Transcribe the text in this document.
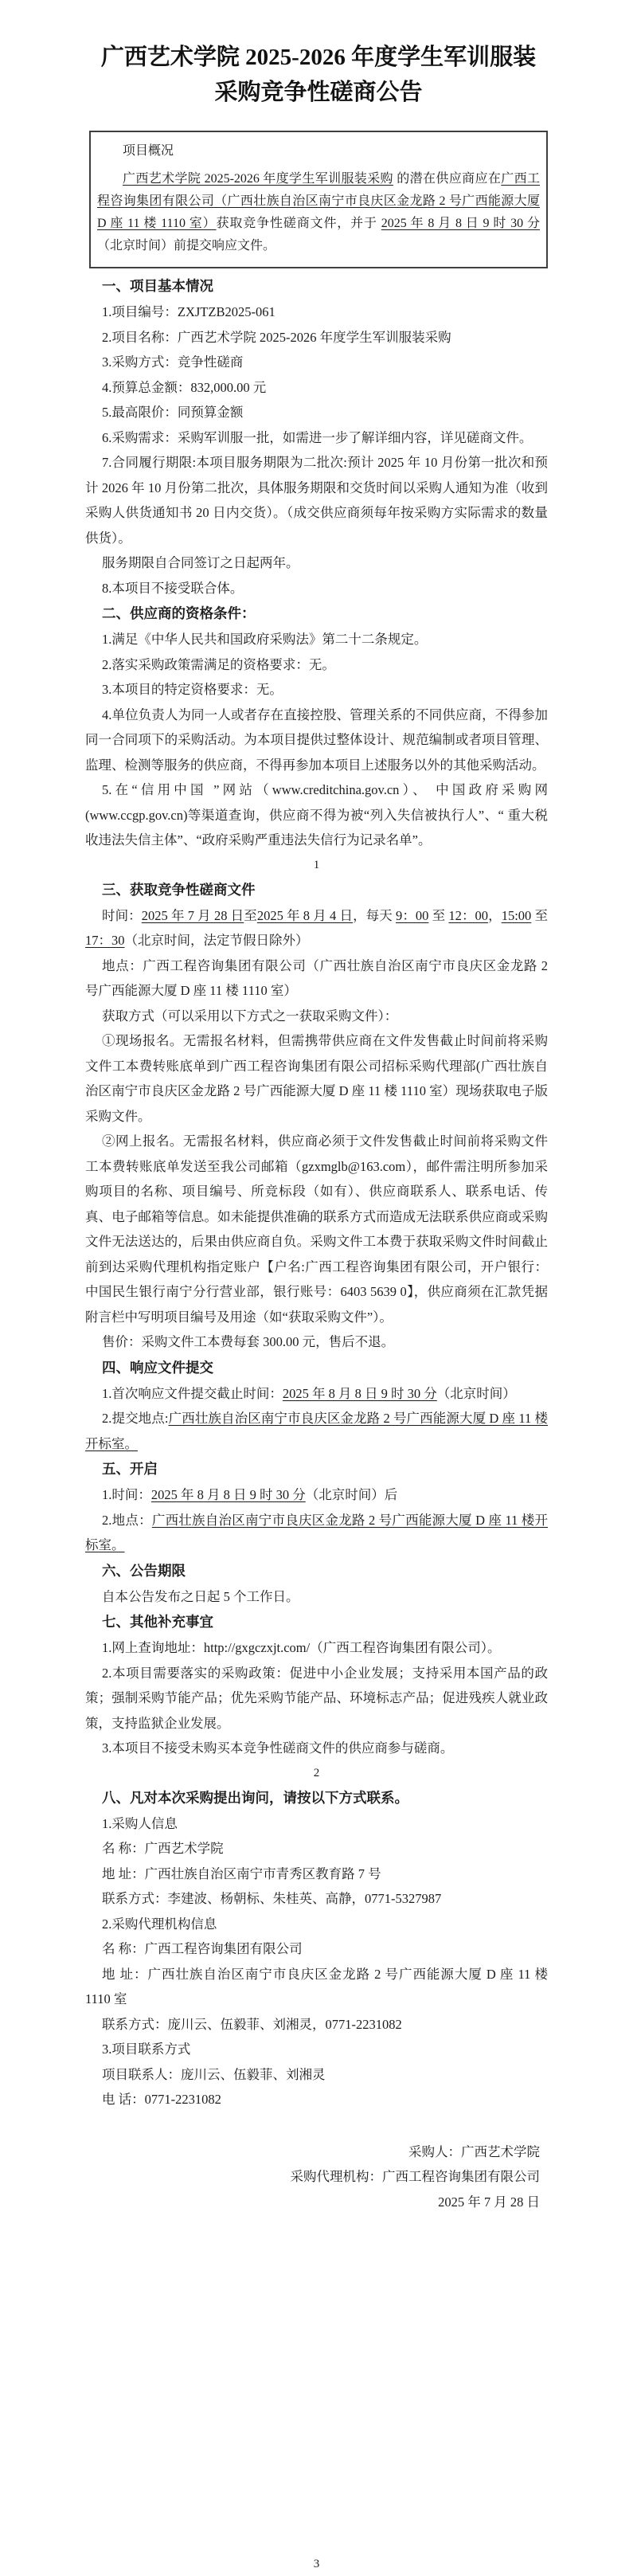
广西艺术学院 2025-2026 年度学生军训服装
采购竞争性磋商公告

项目概况

广西艺术学院 2025-2026 年度学生军训服装采购 的潜在供应商应在广西工程咨询集团有限公司（广西壮族自治区南宁市良庆区金龙路 2 号广西能源大厦 D 座 11 楼 1110 室）获取竞争性磋商文件，并于 2025 年 8 月 8 日 9 时 30 分（北京时间）前提交响应文件。

一、项目基本情况

1.项目编号：ZXJTZB2025-061

2.项目名称：广西艺术学院 2025-2026 年度学生军训服装采购

3.采购方式：竞争性磋商

4.预算总金额：832,000.00 元

5.最高限价：同预算金额

6.采购需求：采购军训服一批，如需进一步了解详细内容，详见磋商文件。

7.合同履行期限:本项目服务期限为二批次:预计 2025 年 10 月份第一批次和预计 2026 年 10 月份第二批次，具体服务期限和交货时间以采购人通知为准（收到采购人供货通知书 20 日内交货）。（成交供应商须每年按采购方实际需求的数量供货）。

服务期限自合同签订之日起两年。

8.本项目不接受联合体。

二、供应商的资格条件：

1.满足《中华人民共和国政府采购法》第二十二条规定。

2.落实采购政策需满足的资格要求：无。

3.本项目的特定资格要求：无。

4.单位负责人为同一人或者存在直接控股、管理关系的不同供应商，不得参加同一合同项下的采购活动。为本项目提供过整体设计、规范编制或者项目管理、监理、检测等服务的供应商，不得再参加本项目上述服务以外的其他采购活动。

5.在“信用中国 ”网站（www.creditchina.gov.cn）、 中国政府采购网(www.ccgp.gov.cn)等渠道查询，供应商不得为被“列入失信被执行人”、“ 重大税收违法失信主体”、“政府采购严重违法失信行为记录名单”。

1

三、获取竞争性磋商文件

时间：2025 年 7 月 28 日至2025 年 8 月 4 日，每天 9：00 至 12：00，15:00 至 17：30（北京时间，法定节假日除外）

地点：广西工程咨询集团有限公司（广西壮族自治区南宁市良庆区金龙路 2 号广西能源大厦 D 座 11 楼 1110 室）

获取方式（可以采用以下方式之一获取采购文件）：

①现场报名。无需报名材料，但需携带供应商在文件发售截止时间前将采购文件工本费转账底单到广西工程咨询集团有限公司招标采购代理部(广西壮族自治区南宁市良庆区金龙路 2 号广西能源大厦 D 座 11 楼 1110 室）现场获取电子版采购文件。

②网上报名。无需报名材料，供应商必须于文件发售截止时间前将采购文件工本费转账底单发送至我公司邮箱（gzxmglb@163.com），邮件需注明所参加采购项目的名称、项目编号、所竞标段（如有）、供应商联系人、联系电话、传真、电子邮箱等信息。如未能提供准确的联系方式而造成无法联系供应商或采购文件无法送达的，后果由供应商自负。采购文件工本费于获取采购文件时间截止前到达采购代理机构指定账户【户名:广西工程咨询集团有限公司，开户银行：中国民生银行南宁分行营业部，银行账号：6403 5639 0】，供应商须在汇款凭据附言栏中写明项目编号及用途（如“获取采购文件”）。

售价：采购文件工本费每套 300.00 元，售后不退。

四、响应文件提交

1.首次响应文件提交截止时间：2025 年 8 月 8 日 9 时 30 分（北京时间）

2.提交地点:广西壮族自治区南宁市良庆区金龙路 2 号广西能源大厦 D 座 11 楼开标室。

五、开启

1.时间：2025 年 8 月 8 日 9 时 30 分（北京时间）后

2.地点：广西壮族自治区南宁市良庆区金龙路 2 号广西能源大厦 D 座 11 楼开标室。

六、公告期限

自本公告发布之日起 5 个工作日。

七、其他补充事宜

1.网上查询地址：http://gxgczxjt.com/（广西工程咨询集团有限公司）。

2.本项目需要落实的采购政策：促进中小企业发展；支持采用本国产品的政策；强制采购节能产品；优先采购节能产品、环境标志产品；促进残疾人就业政策，支持监狱企业发展。

3.本项目不接受未购买本竞争性磋商文件的供应商参与磋商。

2

八、凡对本次采购提出询问，请按以下方式联系。

1.采购人信息

名 称：广西艺术学院

地 址：广西壮族自治区南宁市青秀区教育路 7 号

联系方式：李建波、杨朝标、朱桂英、高静，0771-5327987

2.采购代理机构信息

名 称：广西工程咨询集团有限公司

地 址：广西壮族自治区南宁市良庆区金龙路 2 号广西能源大厦 D 座 11 楼 1110 室

联系方式：庞川云、伍毅菲、刘湘灵，0771-2231082

3.项目联系方式

项目联系人：庞川云、伍毅菲、刘湘灵

电 话：0771-2231082

采购人：广西艺术学院

采购代理机构：广西工程咨询集团有限公司

2025 年 7 月 28 日

3
